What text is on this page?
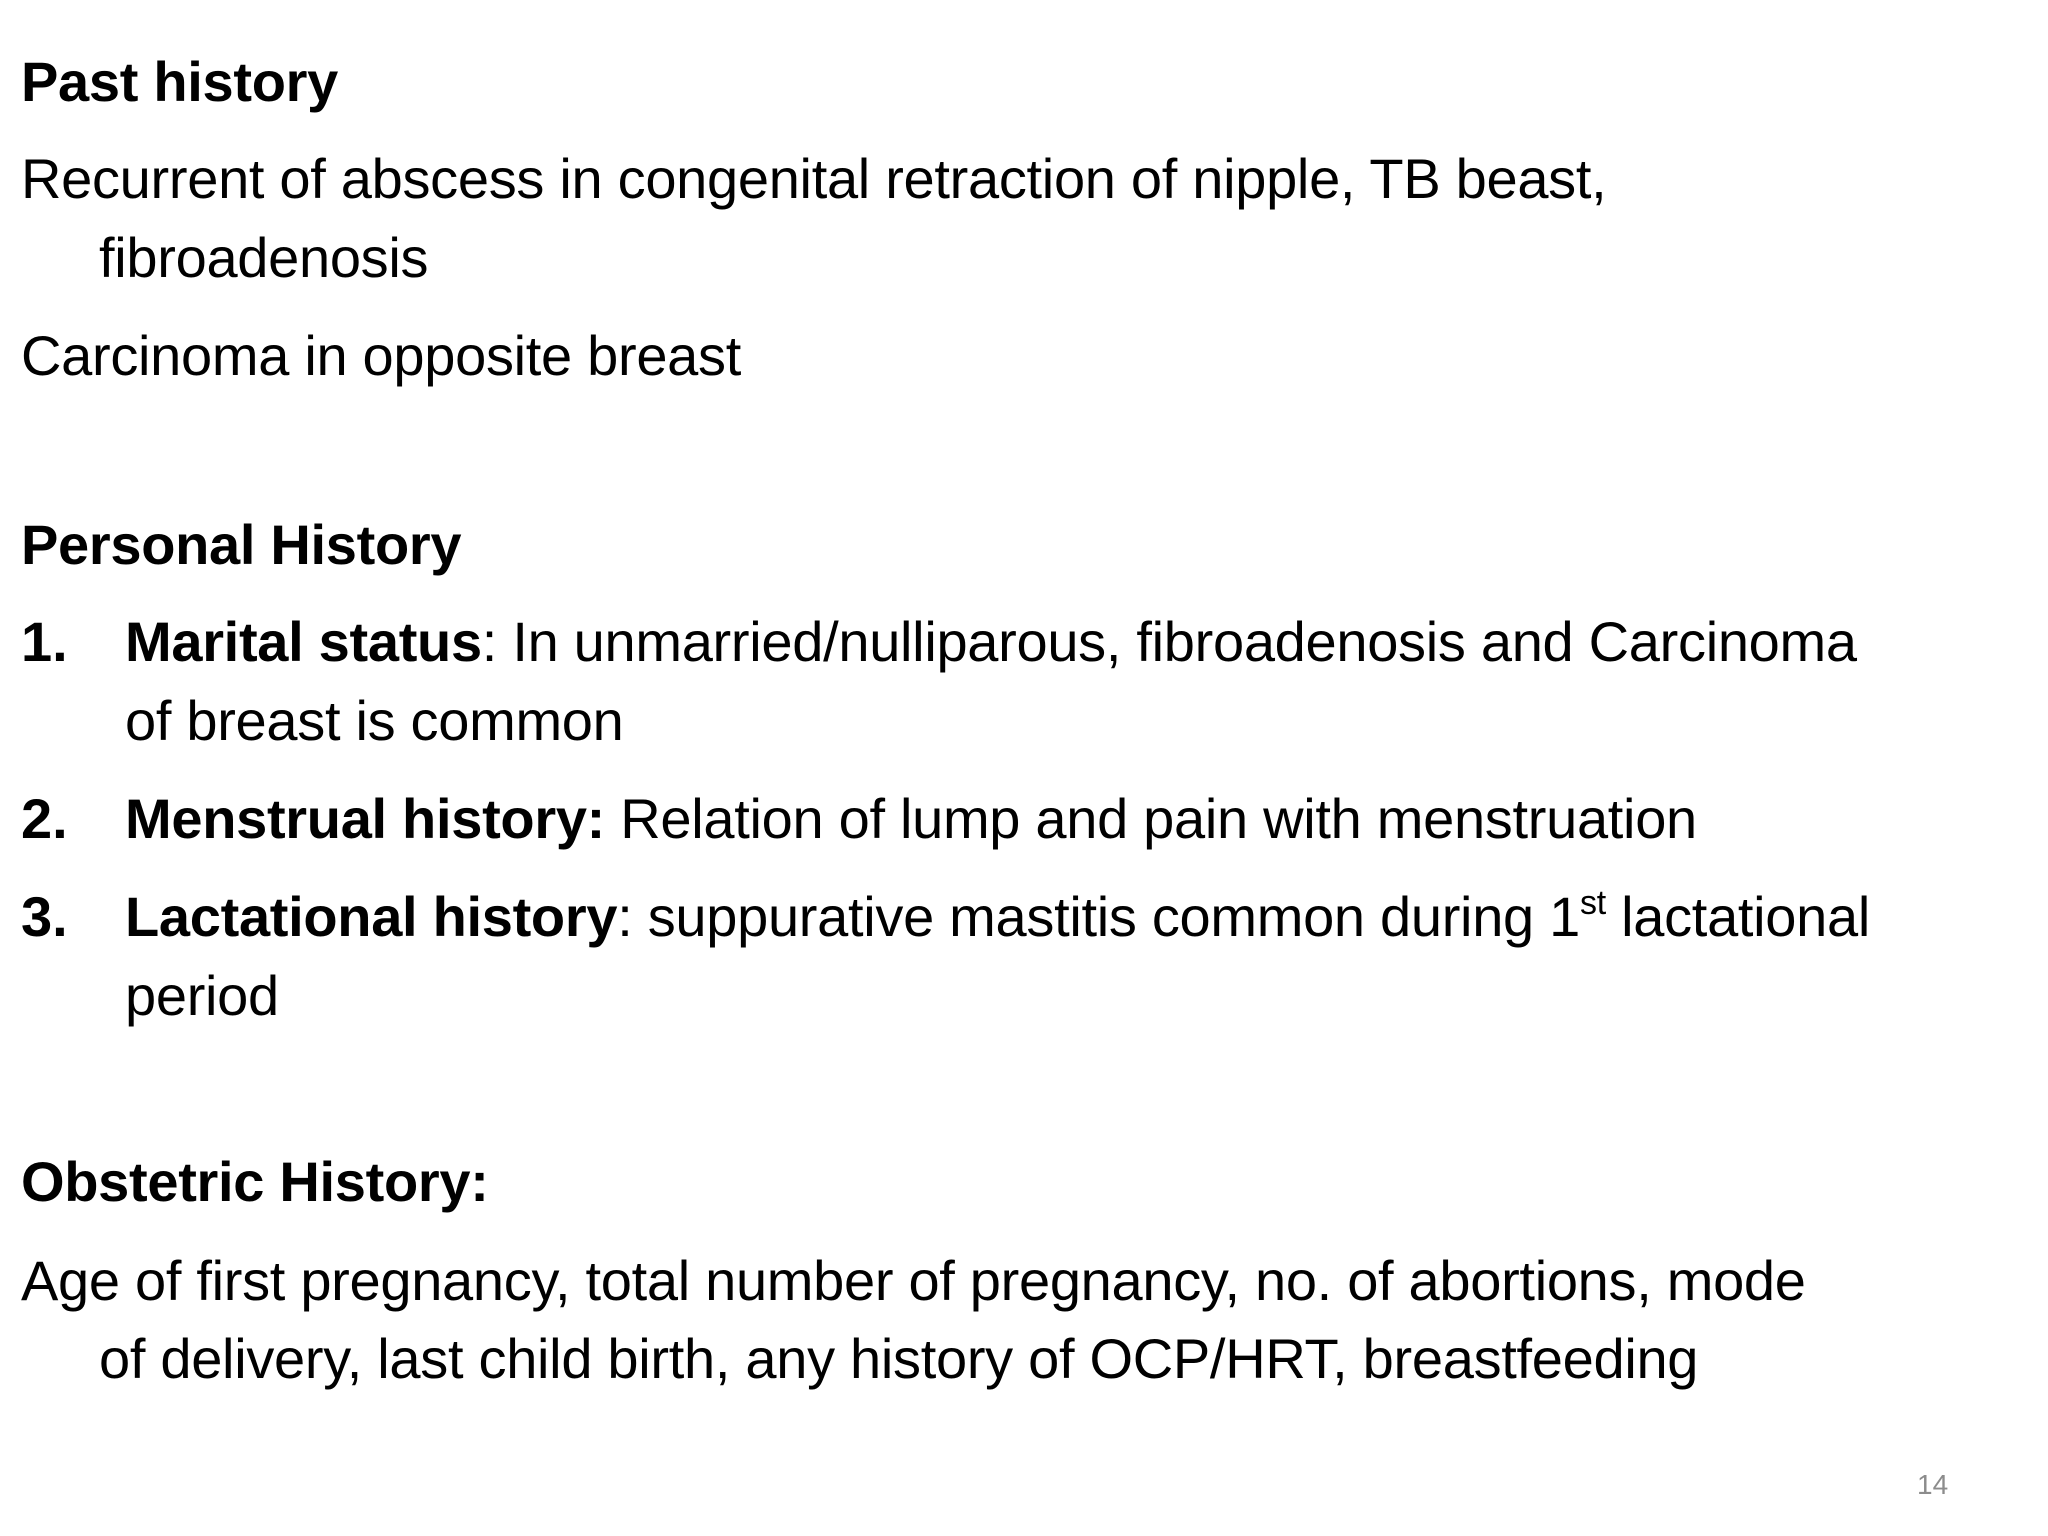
Past history
Recurrent of abscess in congenital retraction of nipple, TB beast,
fibroadenosis
Carcinoma in opposite breast
Personal History
1. Marital status: In unmarried/nulliparous, fibroadenosis and Carcinoma
of breast is common
2. Menstrual history: Relation of lump and pain with menstruation
3. Lactational history: suppurative mastitis common during 1st lactational
period
Obstetric History:
Age of first pregnancy, total number of pregnancy, no. of abortions, mode
of delivery, last child birth, any history of OCP/HRT, breastfeeding
14
